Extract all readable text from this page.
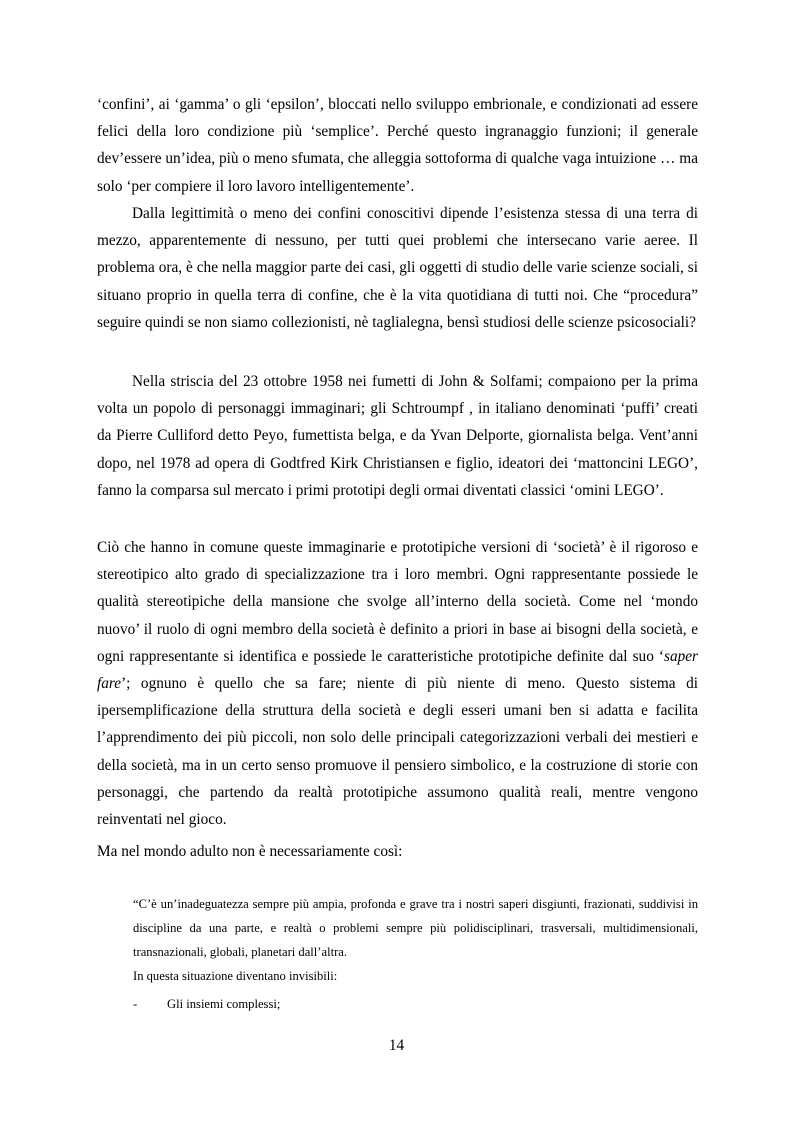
‘confini’, ai ‘gamma’ o gli ‘epsilon’, bloccati nello sviluppo embrionale, e condizionati ad essere felici della loro condizione più ‘semplice’. Perché questo ingranaggio funzioni; il generale dev’essere un’idea, più o meno sfumata, che alleggia sottoforma di qualche vaga intuizione … ma solo ‘per compiere il loro lavoro intelligentemente’.

Dalla legittimità o meno dei confini conoscitivi dipende l’esistenza stessa di una terra di mezzo, apparentemente di nessuno, per tutti quei problemi che intersecano varie aeree. Il problema ora, è che nella maggior parte dei casi, gli oggetti di studio delle varie scienze sociali, si situano proprio in quella terra di confine, che è la vita quotidiana di tutti noi. Che “procedura” seguire quindi se non siamo collezionisti, nè taglialegna, bensì studiosi delle scienze psicosociali?

Nella striscia del 23 ottobre 1958 nei fumetti di John & Solfami; compaiono per la prima volta un popolo di personaggi immaginari; gli Schtroumpf , in italiano denominati ‘puffi’ creati da Pierre Culliford detto Peyo, fumettista belga, e da Yvan Delporte, giornalista belga. Vent’anni dopo, nel 1978 ad opera di Godtfred Kirk Christiansen e figlio, ideatori dei ‘mattoncini LEGO’, fanno la comparsa sul mercato i primi prototipi degli ormai diventati classici ‘omini LEGO’.

Ciò che hanno in comune queste immaginarie e prototipiche versioni di ‘società’ è il rigoroso e stereotipico alto grado di specializzazione tra i loro membri. Ogni rappresentante possiede le qualità stereotipiche della mansione che svolge all’interno della società. Come nel ‘mondo nuovo’ il ruolo di ogni membro della società è definito a priori in base ai bisogni della società, e ogni rappresentante si identifica e possiede le caratteristiche prototipiche definite dal suo ‘saper fare’; ognuno è quello che sa fare; niente di più niente di meno. Questo sistema di ipersemplificazione della struttura della società e degli esseri umani ben si adatta e facilita l’apprendimento dei più piccoli, non solo delle principali categorizzazioni verbali dei mestieri e della società, ma in un certo senso promuove il pensiero simbolico, e la costruzione di storie con personaggi, che partendo da realtà prototipiche assumono qualità reali, mentre vengono reinventati nel gioco.

Ma nel mondo adulto non è necessariamente così:

“C’è un’inadeguatezza sempre più ampia, profonda e grave tra i nostri saperi disgiunti, frazionati, suddivisi in discipline da una parte, e realtà o problemi sempre più polidisciplinari, trasversali, multidimensionali, transnazionali, globali, planetari dall’altra.

In questa situazione diventano invisibili:

- Gli insiemi complessi;
14
